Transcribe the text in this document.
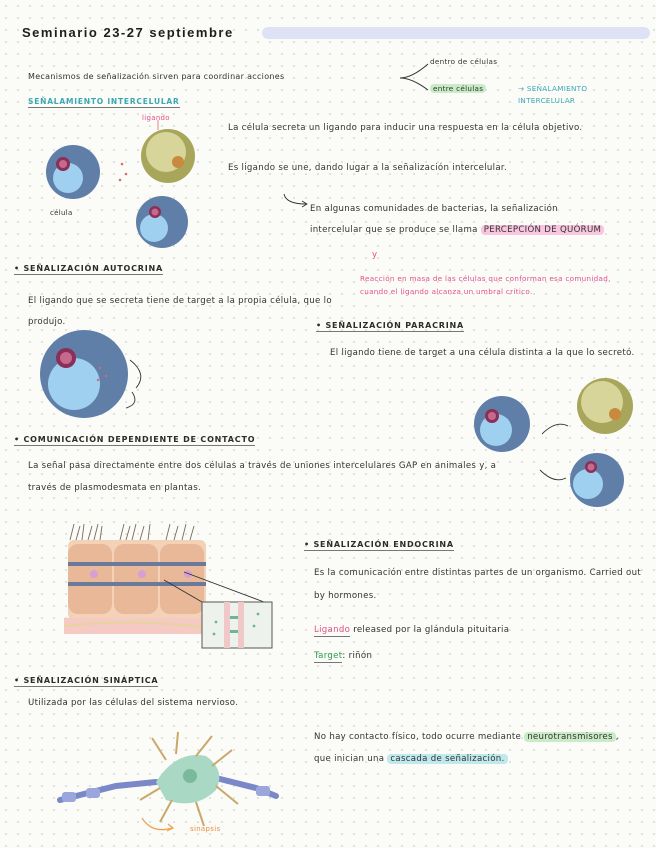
Seminario 23-27 septiembre
Mecanismos de señalización sirven para coordinar acciones
dentro de células
entre células	→ SEÑALAMIENTO INTERCELULAR
SEÑALAMIENTO INTERCELULAR
ligando
célula
La célula secreta un ligando para inducir una respuesta en la célula objetivo.
Es ligando se une, dando lugar a la señalización intercelular.
En algunas comunidades de bacterias, la señalización intercelular que se produce se llama PERCEPCIÓN DE QUÓRUM
y
Reacción en masa de las células que conforman esa comunidad, cuando el ligando alcanza un umbral crítico.
• SEÑALIZACIÓN AUTOCRINA
El ligando que se secreta tiene de target a la propia célula, que lo produjo.	• SEÑALIZACIÓN PARACRINA
El ligando tiene de target a una célula distinta a la que lo secretó.
• COMUNICACIÓN DEPENDIENTE DE CONTACTO
La señal pasa directamente entre dos células a través de uniones intercelulares GAP en animales y, a través de plasmodesmata en plantas.
• SEÑALIZACIÓN ENDOCRINA
Es la comunicación entre distintas partes de un organismo. Carried out by hormones.
Ligando released por la glándula pituitaria
Target: riñón
• SEÑALIZACIÓN SINÁPTICA
Utilizada por las células del sistema nervioso.
No hay contacto físico, todo ocurre mediante neurotransmisores , que inician una cascada de señalización.
sinapsis
